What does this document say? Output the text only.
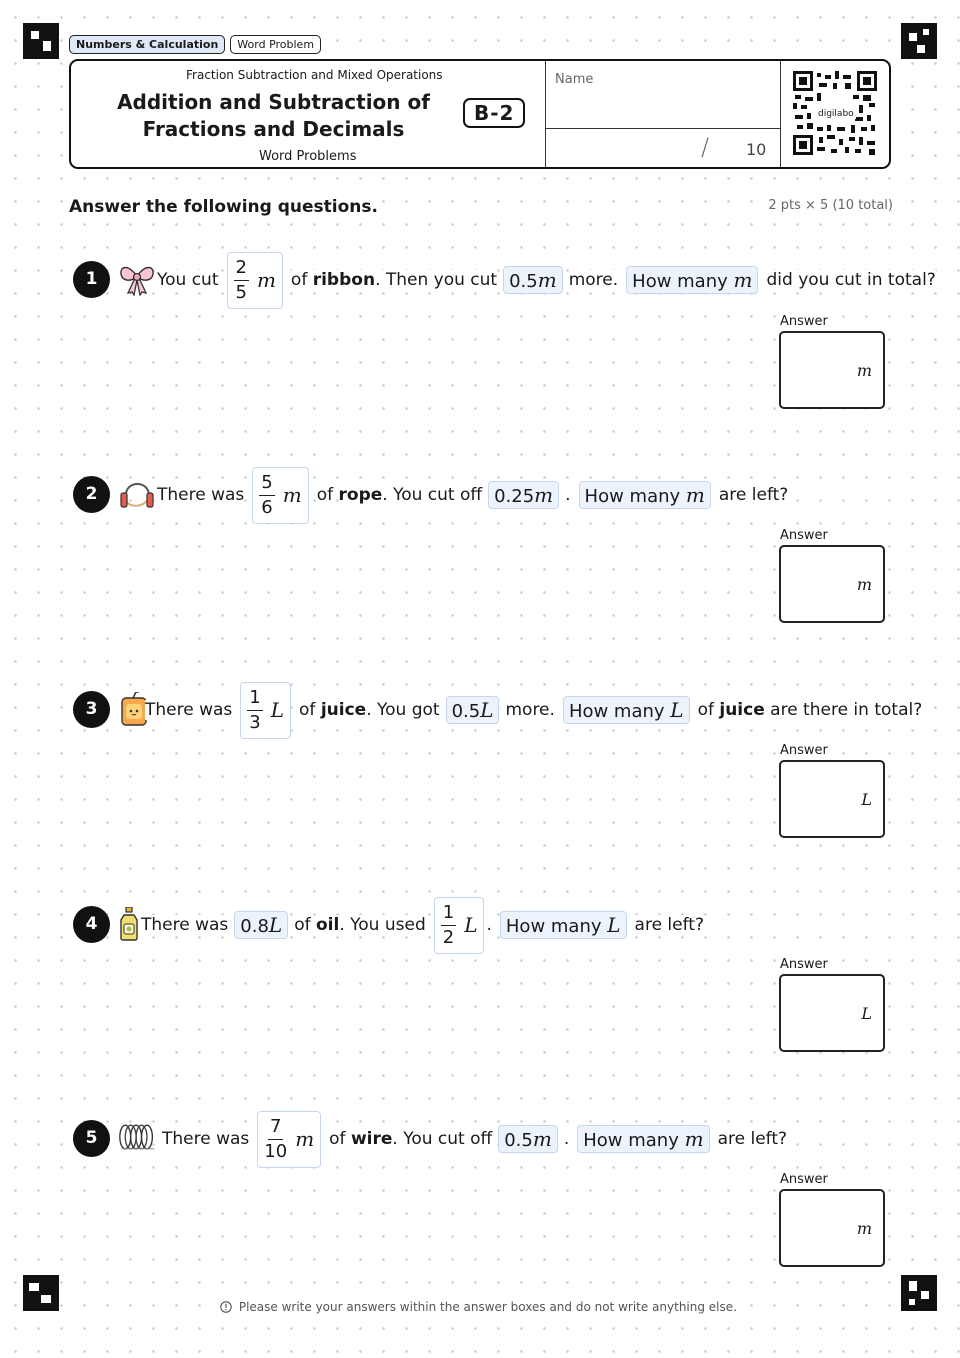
Numbers & Calculation	Word Problem
Fraction Subtraction and Mixed Operations
Addition and Subtraction of
Fractions and Decimals
Word Problems
B-2
Name
/ 10
digilabo
Answer the following questions.	2 pts × 5 (10 total)
1	You cut $\frac{2}{5}$ m of
ribbon . Then you cut 0.5m more. How many m did you cut in total?
Answer
m
2	There was $\frac{5}{6}$ m of
rope . You cut off 0.25m . How many m are left?
Answer
m
3	There was $\frac{1}{3}$ L of
juice . You got 0.5L more. How many L of
juice
are there in total?
Answer
L
4	There was 0.8L of
oil . You used $\frac{1}{2}$ L . How many L are left?
Answer
L
5	There was $\frac{7}{10}$ m of
wire . You cut off 0.5m . How many m are left?
Answer
m
Please write your answers within the answer boxes and do not write anything else.
